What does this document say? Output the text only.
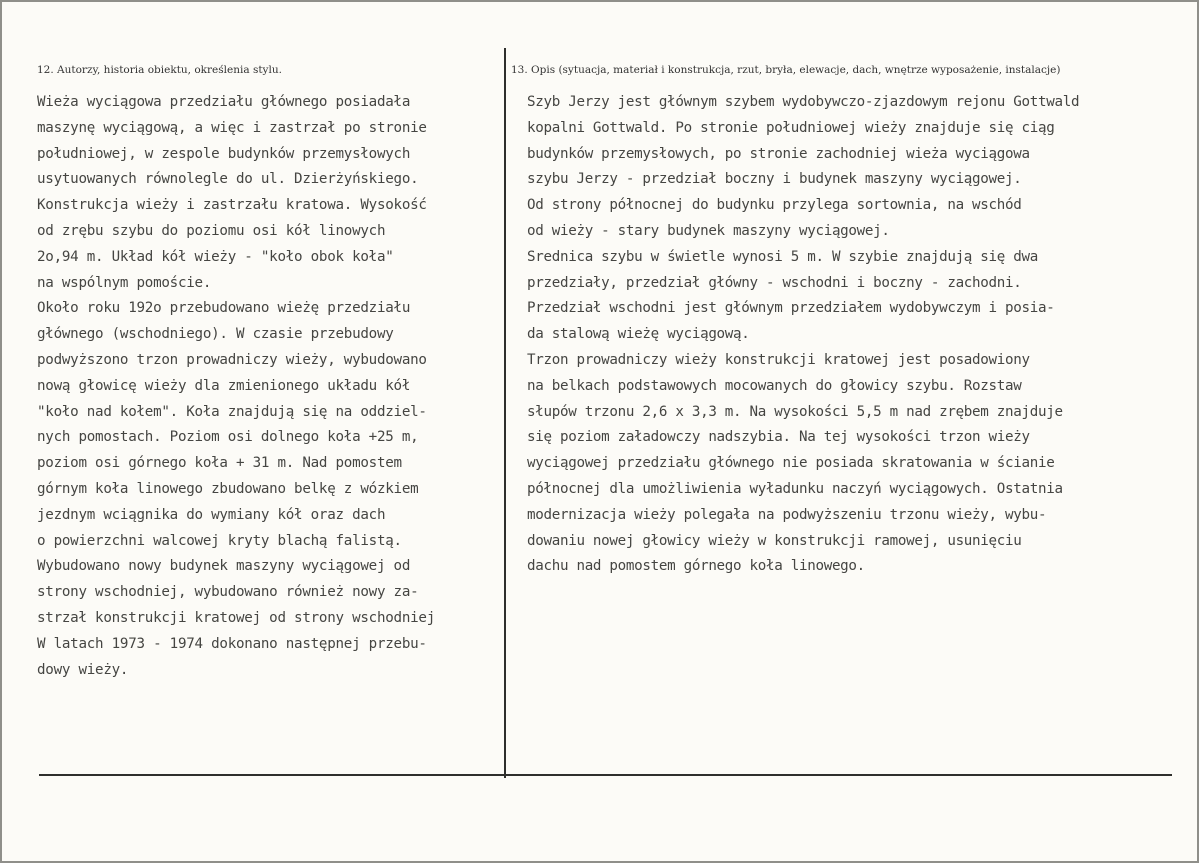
12. Autorzy, historia obiektu, określenia stylu.	13. Opis (sytuacja, materiał i konstrukcja, rzut, bryła, elewacje, dach, wnętrze wyposażenie, instalacje)
Wieża wyciągowa przedziału głównego posiadała
maszynę wyciągową, a więc i zastrzał po stronie
południowej, w zespole budynków przemysłowych
usytuowanych równolegle do ul. Dzierżyńskiego.
Konstrukcja wieży i zastrzału kratowa. Wysokość
od zrębu szybu do poziomu osi kół linowych
2o,94 m. Układ kół wieży - "koło obok koła"
na wspólnym pomoście.
Około roku 192o przebudowano wieżę przedziału
głównego (wschodniego). W czasie przebudowy
podwyższono trzon prowadniczy wieży, wybudowano
nową głowicę wieży dla zmienionego układu kół
"koło nad kołem". Koła znajdują się na oddziel-
nych pomostach. Poziom osi dolnego koła +25 m,
poziom osi górnego koła + 31 m. Nad pomostem
górnym koła linowego zbudowano belkę z wózkiem
jezdnym wciągnika do wymiany kół oraz dach
o powierzchni walcowej kryty blachą falistą.
Wybudowano nowy budynek maszyny wyciągowej od
strony wschodniej, wybudowano również nowy za-
strzał konstrukcji kratowej od strony wschodniej
W latach 1973 - 1974 dokonano następnej przebu-
dowy wieży.
Szyb Jerzy jest głównym szybem wydobywczo-zjazdowym rejonu Gottwald
kopalni Gottwald. Po stronie południowej wieży znajduje się ciąg
budynków przemysłowych, po stronie zachodniej wieża wyciągowa
szybu Jerzy - przedział boczny i budynek maszyny wyciągowej.
Od strony północnej do budynku przylega sortownia, na wschód
od wieży - stary budynek maszyny wyciągowej.
Srednica szybu w świetle wynosi 5 m. W szybie znajdują się dwa
przedziały, przedział główny - wschodni i boczny - zachodni.
Przedział wschodni jest głównym przedziałem wydobywczym i posia-
da stalową wieżę wyciągową.
Trzon prowadniczy wieży konstrukcji kratowej jest posadowiony
na belkach podstawowych mocowanych do głowicy szybu. Rozstaw
słupów trzonu 2,6 x 3,3 m. Na wysokości 5,5 m nad zrębem znajduje
się poziom załadowczy nadszybia. Na tej wysokości trzon wieży
wyciągowej przedziału głównego nie posiada skratowania w ścianie
północnej dla umożliwienia wyładunku naczyń wyciągowych. Ostatnia
modernizacja wieży polegała na podwyższeniu trzonu wieży, wybu-
dowaniu nowej głowicy wieży w konstrukcji ramowej, usunięciu
dachu nad pomostem górnego koła linowego.
